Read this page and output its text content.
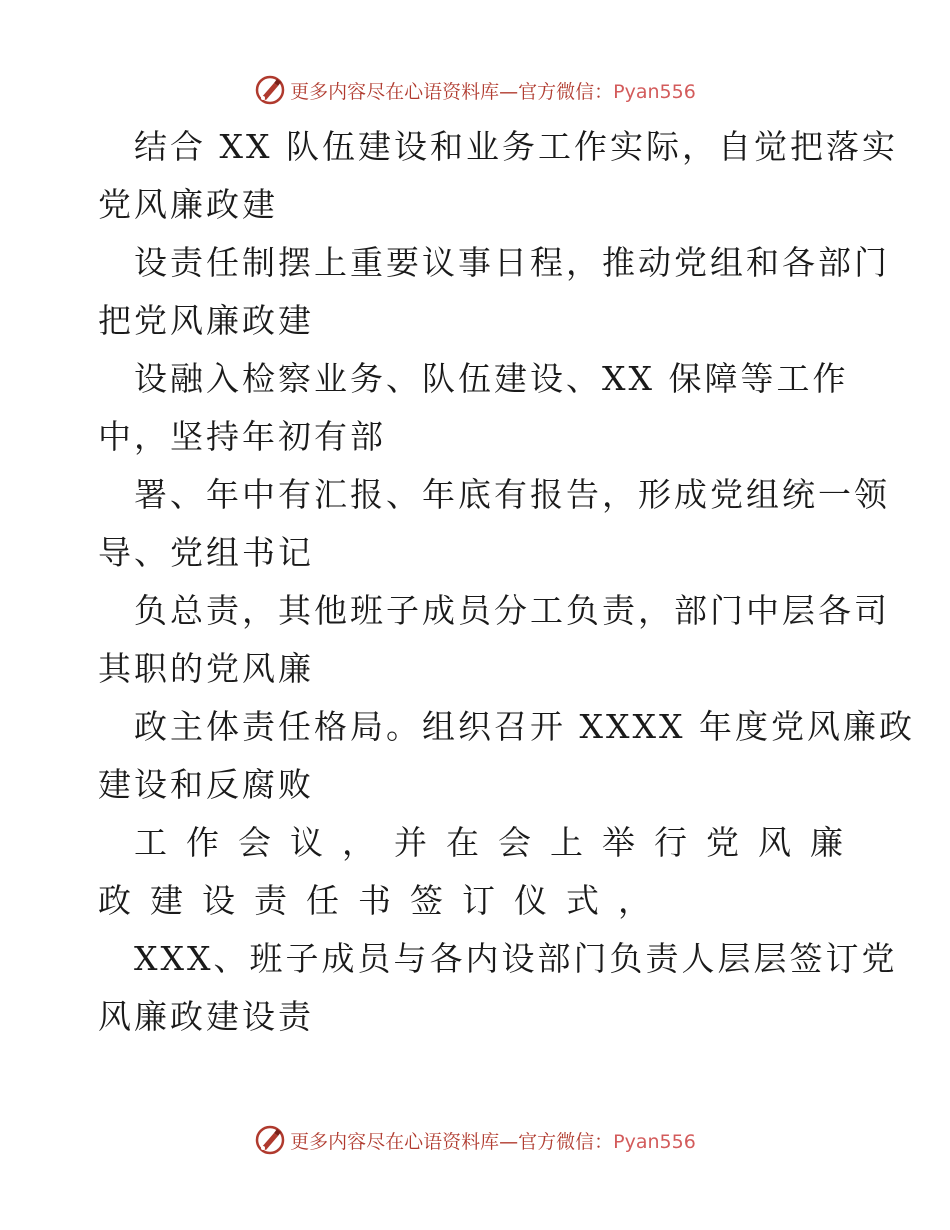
更多内容尽在心语资料库—官方微信：Pyan556
结合 XX 队伍建设和业务工作实际，自觉把落实
党风廉政建
设责任制摆上重要议事日程，推动党组和各部门
把党风廉政建
设融入检察业务、队伍建设、XX 保障等工作
中，坚持年初有部
署、年中有汇报、年底有报告，形成党组统一领
导、党组书记
负总责，其他班子成员分工负责，部门中层各司
其职的党风廉
政主体责任格局。组织召开 XXXX 年度党风廉政
建设和反腐败
工作会议，并在会上举行党风廉
政建设责任书签订仪式，
XXX、班子成员与各内设部门负责人层层签订党
风廉政建设责
更多内容尽在心语资料库—官方微信：Pyan556
